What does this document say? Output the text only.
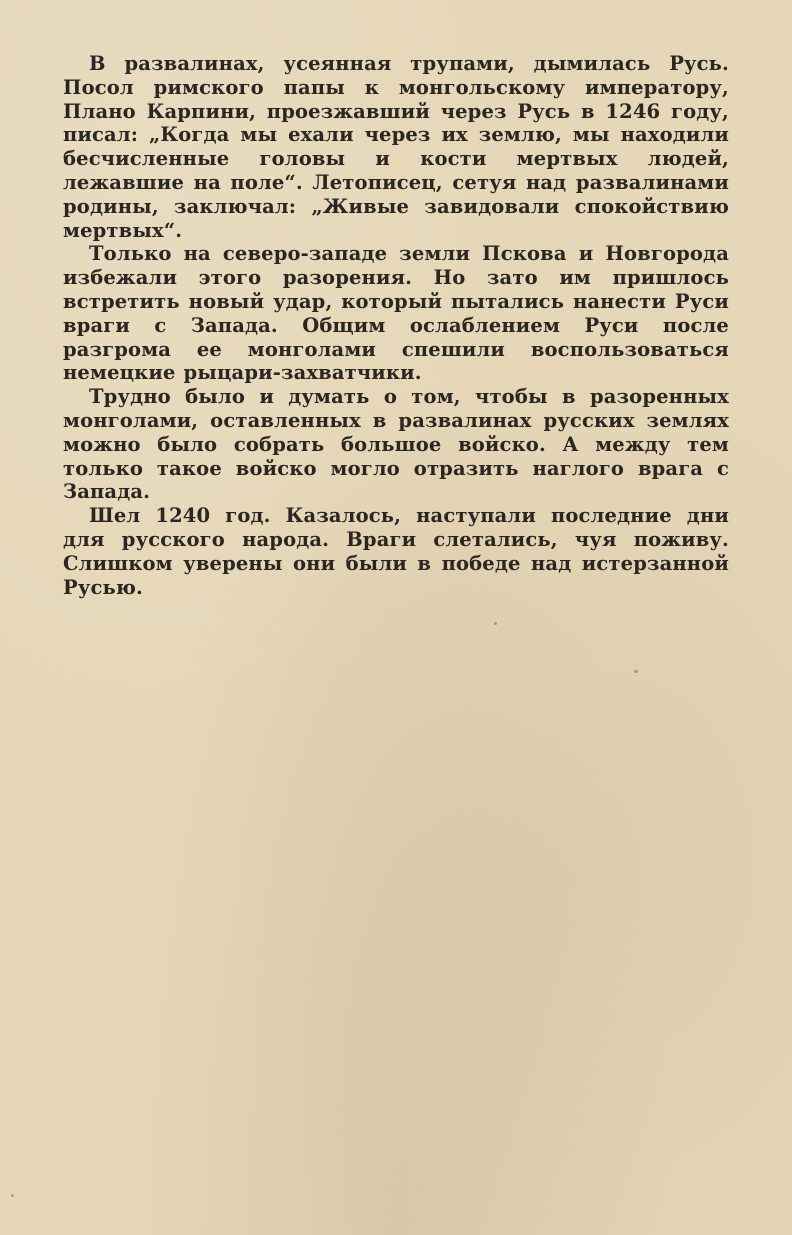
В развалинах, усеянная трупами, дымилась Русь. Посол римского папы к монгольскому императору, Плано Карпини, проезжавший через Русь в 1246 году, писал: „Когда мы ехали через их землю, мы находили бесчисленные головы и кости мертвых людей, лежавшие на поле“. Летописец, сетуя над развалинами родины, заключал: „Живые завидовали спокойствию мертвых“.

Только на северо-западе земли Пскова и Новгорода избежали этого разорения. Но зато им пришлось встретить новый удар, который пытались нанести Руси враги с Запада. Общим ослаблением Руси после разгрома ее монголами спешили воспользоваться немецкие рыцари-захватчики.

Трудно было и думать о том, чтобы в разоренных монголами, оставленных в развалинах русских землях можно было собрать большое войско. А между тем только такое войско могло отразить наглого врага с Запада.

Шел 1240 год. Казалось, наступали последние дни для русского народа. Враги слетались, чуя поживу. Слишком уверены они были в победе над истерзанной Русью.
